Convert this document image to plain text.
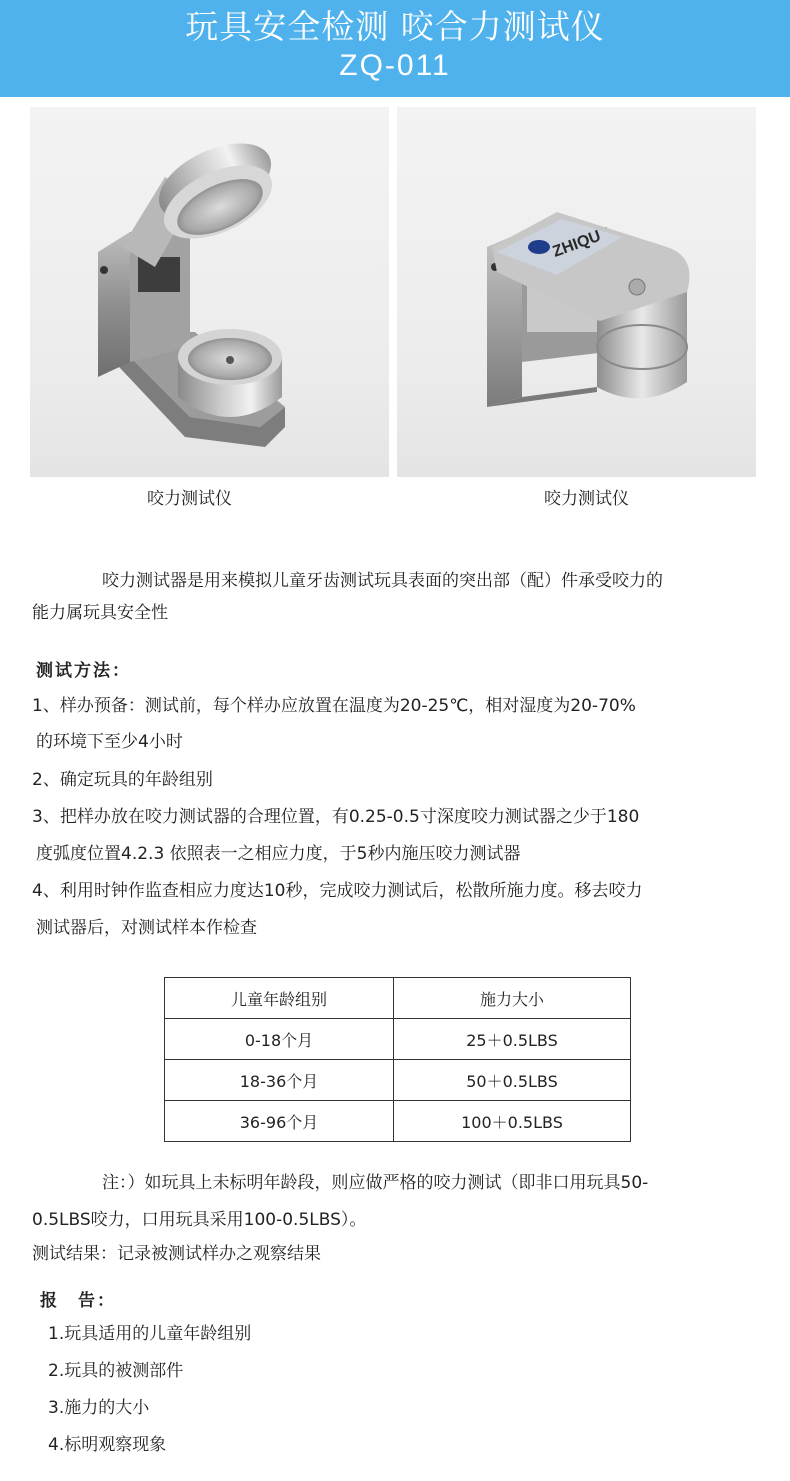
玩具安全检测 咬合力测试仪
ZQ-011
ZHIQU
咬力测试仪	咬力测试仪
咬力测试器是用来模拟儿童牙齿测试玩具表面的突出部（配）件承受咬力的
能力属玩具安全性
测试方法：
1、样办预备：测试前，每个样办应放置在温度为20-25℃，相对湿度为20-70%
的环境下至少4小时
2、确定玩具的年龄组别
3、把样办放在咬力测试器的合理位置，有0.25-0.5寸深度咬力测试器之少于180
度弧度位置4.2.3 依照表一之相应力度，于5秒内施压咬力测试器
4、利用时钟作监查相应力度达10秒，完成咬力测试后，松散所施力度。移去咬力
测试器后，对测试样本作检查
儿童年龄组别	施力大小
0-18个月	25＋0.5LBS
18-36个月	50＋0.5LBS
36-96个月	100＋0.5LBS
注：）如玩具上未标明年龄段，则应做严格的咬力测试（即非口用玩具50-
0.5LBS咬力，口用玩具采用100-0.5LBS）。
测试结果：记录被测试样办之观察结果
报　告：
1.玩具适用的儿童年龄组别
2.玩具的被测部件
3.施力的大小
4.标明观察现象
